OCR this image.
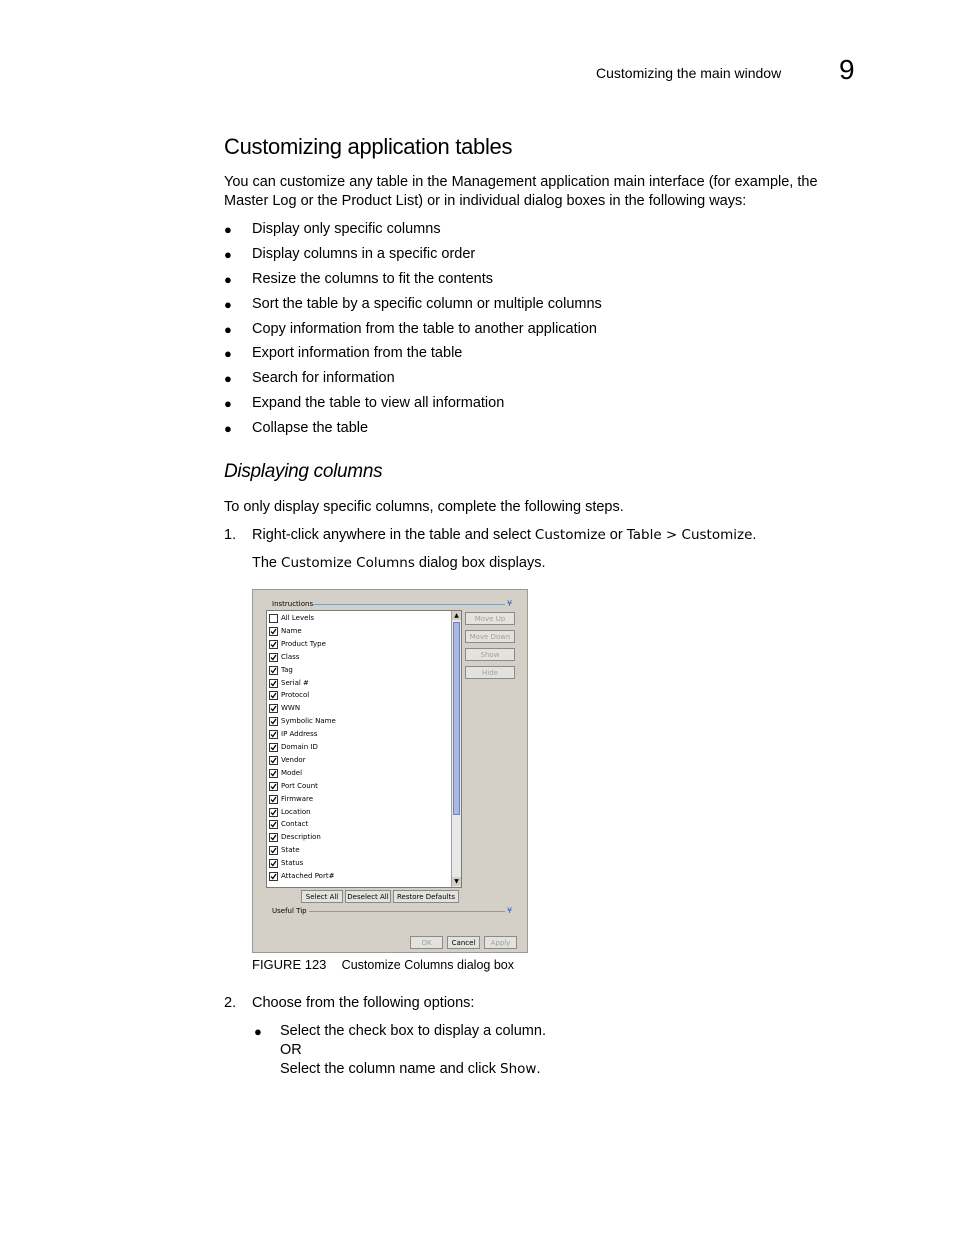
Customizing the main window 9
Customizing application tables
You can customize any table in the Management application main interface (for example, the
Master Log or the Product List) or in individual dialog boxes in the following ways:
● Display only specific columns
● Display columns in a specific order
● Resize the columns to fit the contents
● Sort the table by a specific column or multiple columns
● Copy information from the table to another application
● Export information from the table
● Search for information
● Expand the table to view all information
● Collapse the table
Displaying columns
To only display specific columns, complete the following steps.
1. Right-click anywhere in the table and select Customize or Table > Customize.
The Customize Columns dialog box displays.
Instructions	¥
All Levels
Name
Product Type
Class
Tag
Serial #
Protocol
WWN
Symbolic Name
IP Address
Domain ID
Vendor
Model
Port Count
Firmware
Location
Contact
Description
State
Status
Attached Port#
▲
▼
Move Up
Move Down
Show
Hide
Select All	Deselect All	Restore Defaults
Useful Tip	¥
OK	Cancel	Apply
FIGURE 123 Customize Columns dialog box
2. Choose from the following options:
● Select the check box to display a column.
OR
Select the column name and click Show.
